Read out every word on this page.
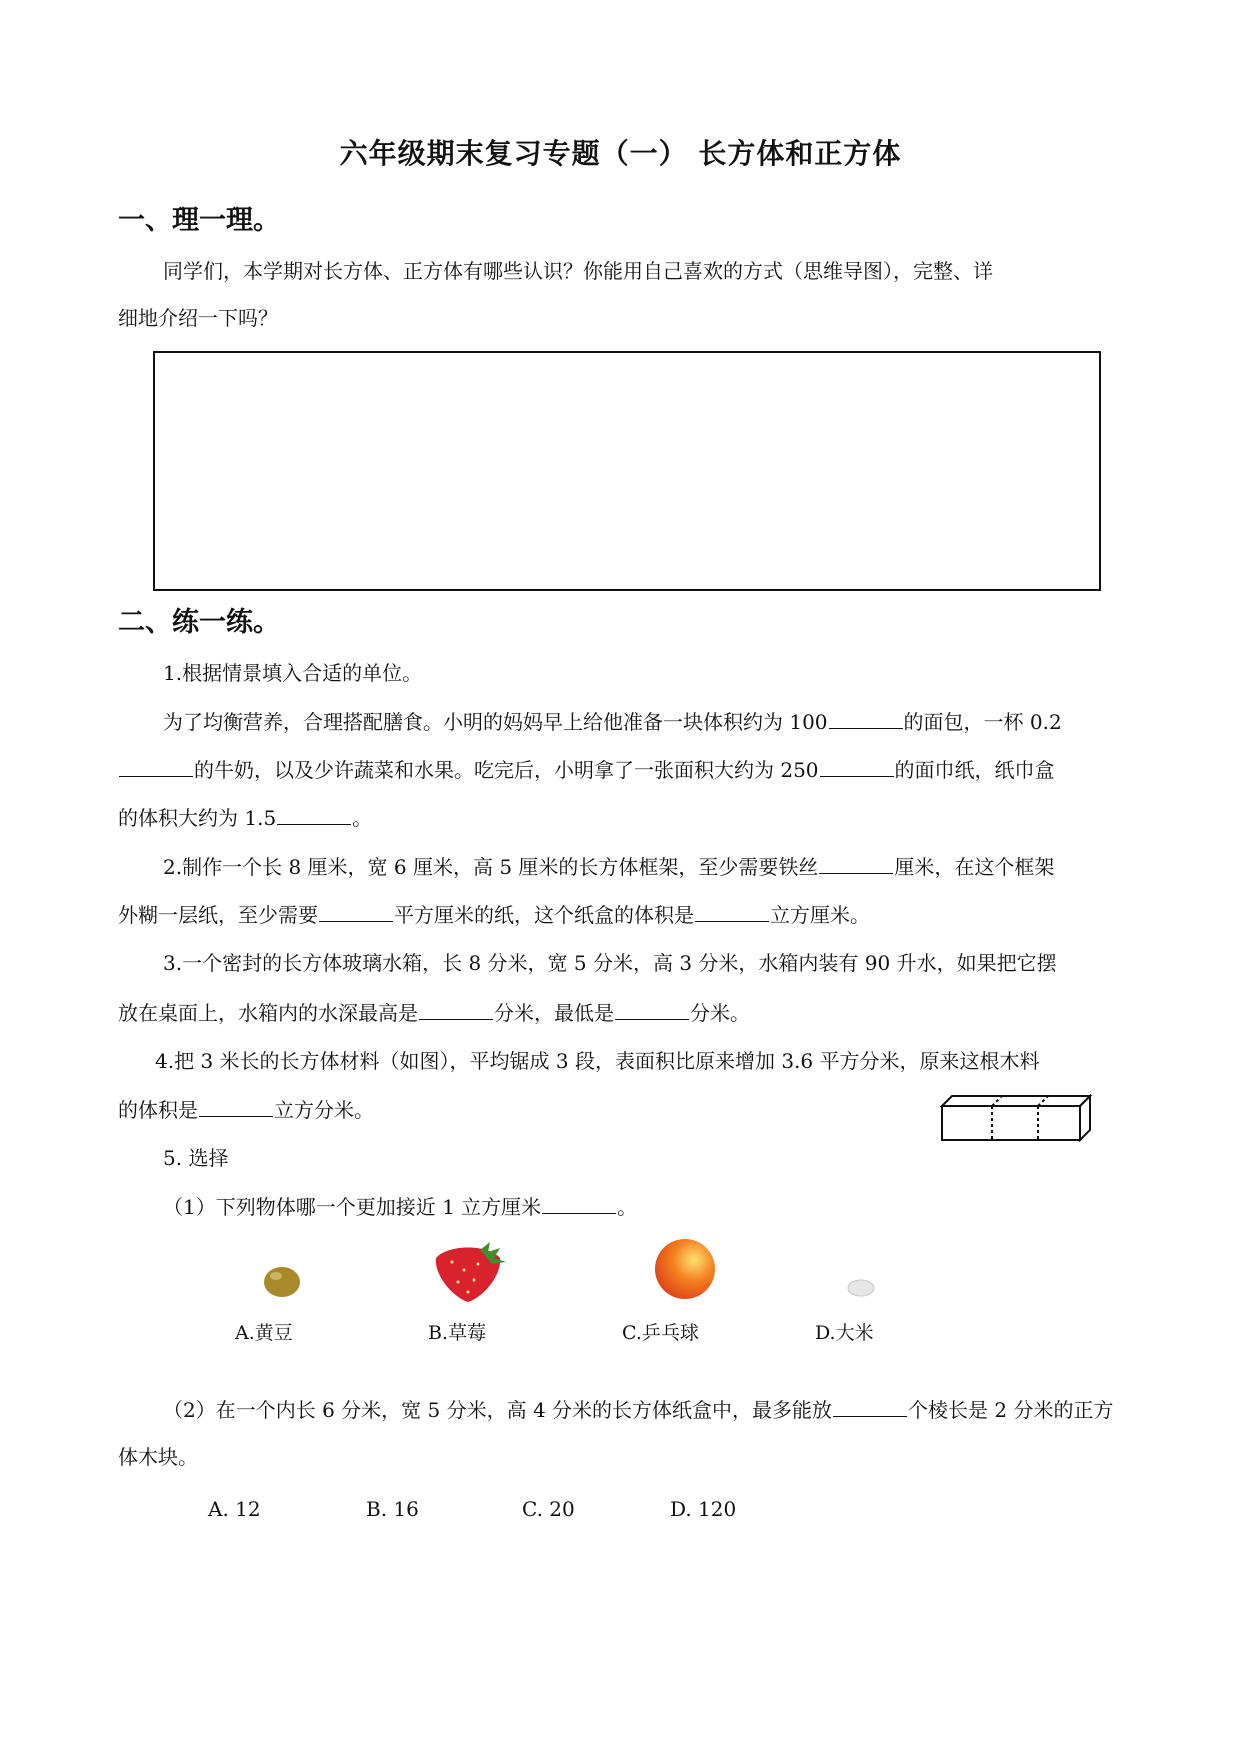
六年级期末复习专题（一） 长方体和正方体
一、理一理。
同学们，本学期对长方体、正方体有哪些认识？你能用自己喜欢的方式（思维导图），完整、详
细地介绍一下吗？
二、练一练。
1.根据情景填入合适的单位。
为了均衡营养，合理搭配膳食。小明的妈妈早上给他准备一块体积约为 100	的面包，一杯 0.2
的牛奶，以及少许蔬菜和水果。吃完后，小明拿了一张面积大约为 250	的面巾纸，纸巾盒
的体积大约为 1.5	。
2.制作一个长 8 厘米，宽 6 厘米，高 5 厘米的长方体框架，至少需要铁丝	厘米，在这个框架
外糊一层纸，至少需要	平方厘米的纸，这个纸盒的体积是	立方厘米。
3.一个密封的长方体玻璃水箱，长 8 分米，宽 5 分米，高 3 分米，水箱内装有 90 升水，如果把它摆
放在桌面上，水箱内的水深最高是	分米，最低是	分米。
4.把 3 米长的长方体材料（如图），平均锯成 3 段，表面积比原来增加 3.6 平方分米，原来这根木料
的体积是	立方分米。
5. 选择
（1）下列物体哪一个更加接近 1 立方厘米	。
A.黄豆	B.草莓	C.乒乓球	D.大米
（2）在一个内长 6 分米，宽 5 分米，高 4 分米的长方体纸盒中，最多能放	个棱长是 2 分米的正方
体木块。
A. 12	B. 16	C. 20	D. 120
